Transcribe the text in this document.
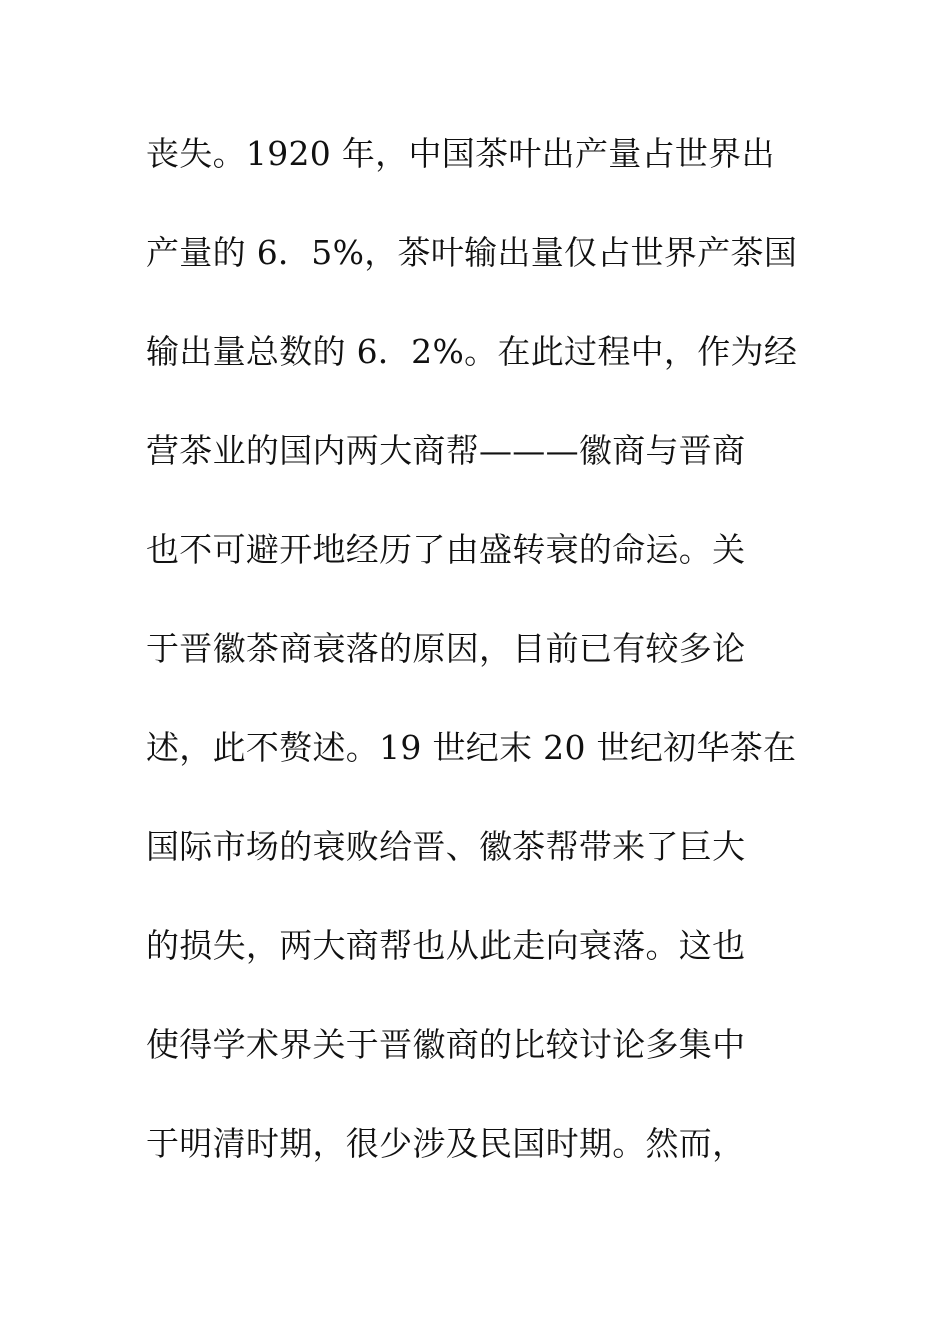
丧失。1920 年，中国茶叶出产量占世界出
产量的 6．5%，茶叶输出量仅占世界产茶国
输出量总数的 6．2%。在此过程中，作为经
营茶业的国内两大商帮———徽商与晋商
也不可避开地经历了由盛转衰的命运。关
于晋徽茶商衰落的原因，目前已有较多论
述，此不赘述。19 世纪末 20 世纪初华茶在
国际市场的衰败给晋、徽茶帮带来了巨大
的损失，两大商帮也从此走向衰落。这也
使得学术界关于晋徽商的比较讨论多集中
于明清时期，很少涉及民国时期。然而，
